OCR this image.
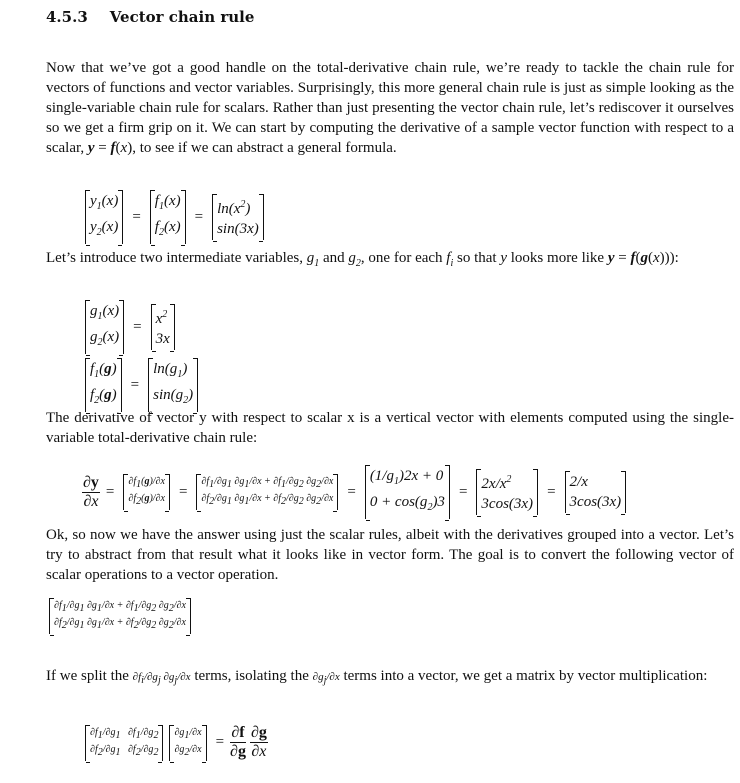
4.5.3 Vector chain rule
Now that we’ve got a good handle on the total-derivative chain rule, we’re ready to tackle the chain rule for vectors of functions and vector variables. Surprisingly, this more general chain rule is just as simple looking as the single-variable chain rule for scalars. Rather than just presenting the vector chain rule, let’s rediscover it ourselves so we get a firm grip on it. We can start by computing the derivative of a sample vector function with respect to a scalar, y = f(x), to see if we can abstract a general formula.
$y_1(x)$
$y_2(x)$
=
$f_1(x)$
$f_2(x)$
= $\ln(x^2)$
sin(3x)
Let’s introduce two intermediate variables, $g_1$ and $g_2$, one for each $f_i$ so that y looks more like y = f(g(x))):
$g_1(x)$
$g_2(x)$
= $x^2$
3x
$f_1(g)$
$f_2(g)$
=
$\ln(g_1)$
$\sin(g_2)$
The derivative of vector y with respect to scalar x is a vertical vector with elements computed using the single-variable total-derivative chain rule:
$\frac{\partial y}{\partial x}$ =
$\partial f_1(g)/\partial x$
$\partial f_2(g)/\partial x$ =
$\partial f_1/\partial g_1$ $\partial g_1/\partial x + \partial f_1/\partial g_2$ $\partial g_2/\partial x$
$\partial f_2/\partial g_1$ $\partial g_1/\partial x + \partial f_2/\partial g_2$ $\partial g_2/\partial x$ =
$(1/g_1)2x + 0$
$0 + \cos(g_2)3$
= $2x/x^2$
3cos(3x)
=
2/x
3cos(3x)
Ok, so now we have the answer using just the scalar rules, albeit with the derivatives grouped into a vector. Let’s try to abstract from that result what it looks like in vector form. The goal is to convert the following vector of scalar operations to a vector operation.
$\partial f_1/\partial g_1$ $\partial g_1/\partial x + \partial f_1/\partial g_2$ $\partial g_2/\partial x$
$\partial f_2/\partial g_1$ $\partial g_1/\partial x + \partial f_2/\partial g_2$ $\partial g_2/\partial x$
If we split the $\partial f_i/\partial g_j$ $\partial g_j/\partial x$ terms, isolating the $\partial g_j/\partial x$ terms into a vector, we get a matrix by vector multiplication:
$\partial f_1/\partial g_1$   $\partial f_1/\partial g_2$
$\partial f_2/\partial g_1$   $\partial f_2/\partial g_2$
$\partial g_1/\partial x$
$\partial g_2/\partial x = \frac{\partial f}{\partial g} \frac{\partial g}{\partial x}$
